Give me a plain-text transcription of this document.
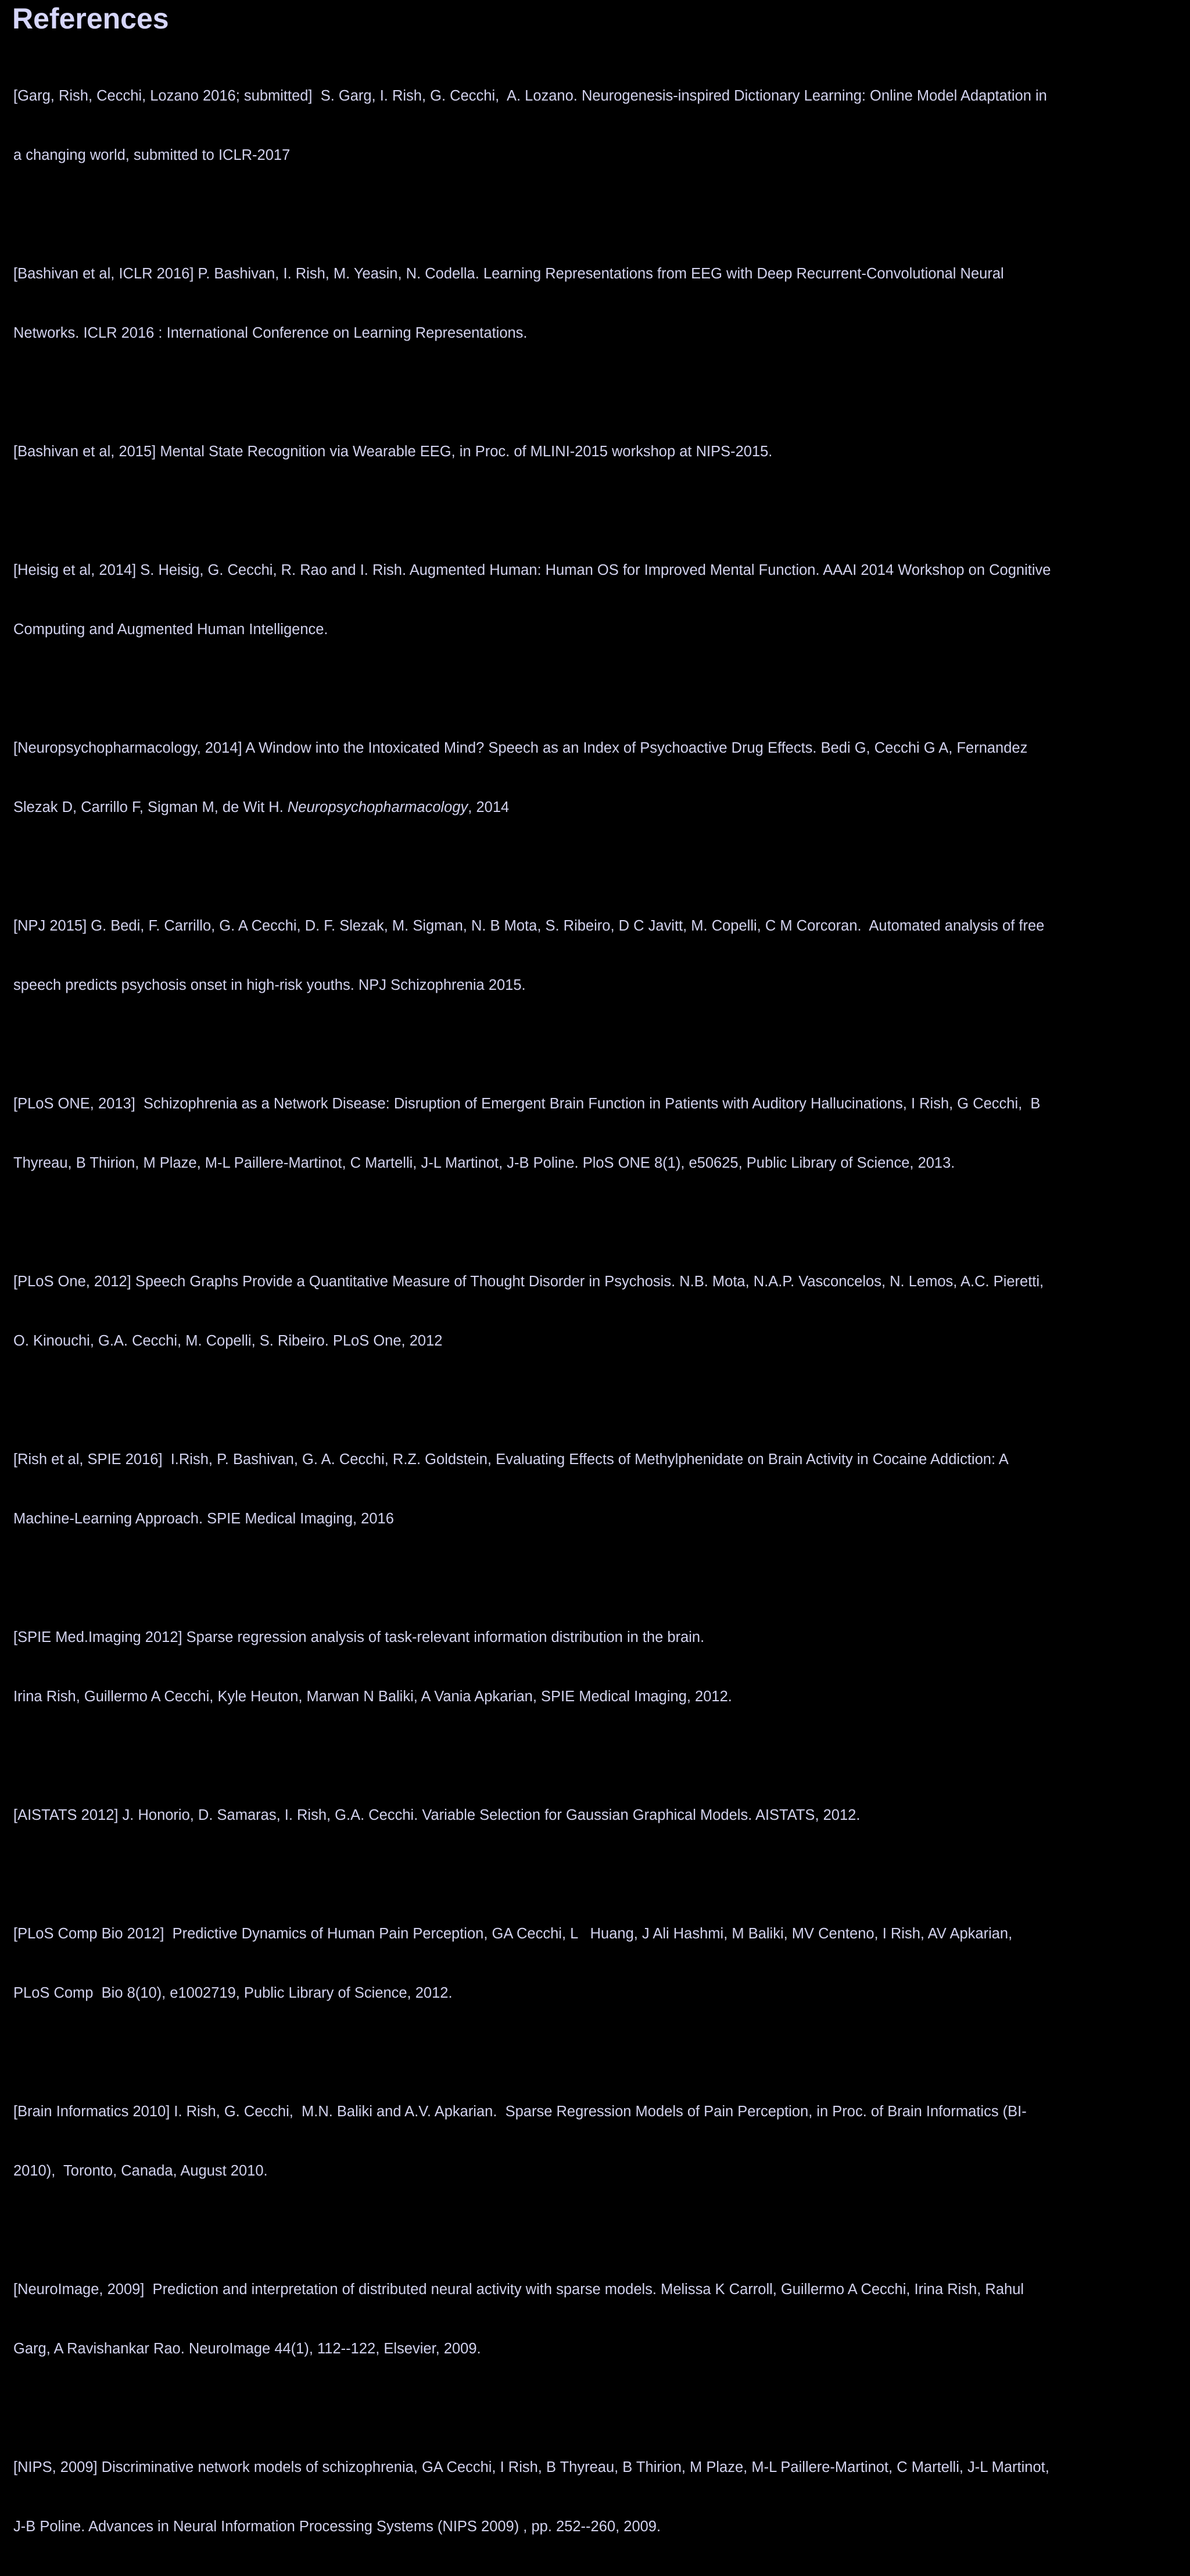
References

[Garg, Rish, Cecchi, Lozano 2016; submitted]  S. Garg, I. Rish, G. Cecchi,  A. Lozano. Neurogenesis-inspired Dictionary Learning: Online Model Adaptation in

a changing world, submitted to ICLR-2017

[Bashivan et al, ICLR 2016] P. Bashivan, I. Rish, M. Yeasin, N. Codella. Learning Representations from EEG with Deep Recurrent-Convolutional Neural

Networks. ICLR 2016 : International Conference on Learning Representations.

[Bashivan et al, 2015] Mental State Recognition via Wearable EEG, in Proc. of MLINI-2015 workshop at NIPS-2015.

[Heisig et al, 2014] S. Heisig, G. Cecchi, R. Rao and I. Rish. Augmented Human: Human OS for Improved Mental Function. AAAI 2014 Workshop on Cognitive

Computing and Augmented Human Intelligence.

[Neuropsychopharmacology, 2014] A Window into the Intoxicated Mind? Speech as an Index of Psychoactive Drug Effects. Bedi G, Cecchi G A, Fernandez

Slezak D, Carrillo F, Sigman M, de Wit H. Neuropsychopharmacology, 2014

[NPJ 2015] G. Bedi, F. Carrillo, G. A Cecchi, D. F. Slezak, M. Sigman, N. B Mota, S. Ribeiro, D C Javitt, M. Copelli, C M Corcoran.  Automated analysis of free

speech predicts psychosis onset in high-risk youths. NPJ Schizophrenia 2015.

[PLoS ONE, 2013]  Schizophrenia as a Network Disease: Disruption of Emergent Brain Function in Patients with Auditory Hallucinations, I Rish, G Cecchi,  B

Thyreau, B Thirion, M Plaze, M-L Paillere-Martinot, C Martelli, J-L Martinot, J-B Poline. PloS ONE 8(1), e50625, Public Library of Science, 2013.

[PLoS One, 2012] Speech Graphs Provide a Quantitative Measure of Thought Disorder in Psychosis. N.B. Mota, N.A.P. Vasconcelos, N. Lemos, A.C. Pieretti,

O. Kinouchi, G.A. Cecchi, M. Copelli, S. Ribeiro. PLoS One, 2012

[Rish et al, SPIE 2016]  I.Rish, P. Bashivan, G. A. Cecchi, R.Z. Goldstein, Evaluating Effects of Methylphenidate on Brain Activity in Cocaine Addiction: A

Machine-Learning Approach. SPIE Medical Imaging, 2016

[SPIE Med.Imaging 2012] Sparse regression analysis of task-relevant information distribution in the brain.

Irina Rish, Guillermo A Cecchi, Kyle Heuton, Marwan N Baliki, A Vania Apkarian, SPIE Medical Imaging, 2012.

[AISTATS 2012] J. Honorio, D. Samaras, I. Rish, G.A. Cecchi. Variable Selection for Gaussian Graphical Models. AISTATS, 2012.

[PLoS Comp Bio 2012]  Predictive Dynamics of Human Pain Perception, GA Cecchi, L   Huang, J Ali Hashmi, M Baliki, MV Centeno, I Rish, AV Apkarian,

PLoS Comp  Bio 8(10), e1002719, Public Library of Science, 2012.

[Brain Informatics 2010] I. Rish, G. Cecchi,  M.N. Baliki and A.V. Apkarian.  Sparse Regression Models of Pain Perception, in Proc. of Brain Informatics (BI-

2010),  Toronto, Canada, August 2010.

[NeuroImage, 2009]  Prediction and interpretation of distributed neural activity with sparse models. Melissa K Carroll, Guillermo A Cecchi, Irina Rish, Rahul

Garg, A Ravishankar Rao. NeuroImage 44(1), 112--122, Elsevier, 2009.

[NIPS, 2009] Discriminative network models of schizophrenia, GA Cecchi, I Rish, B Thyreau, B Thirion, M Plaze, M-L Paillere-Martinot, C Martelli, J-L Martinot,

J-B Poline. Advances in Neural Information Processing Systems (NIPS 2009) , pp. 252--260, 2009.
